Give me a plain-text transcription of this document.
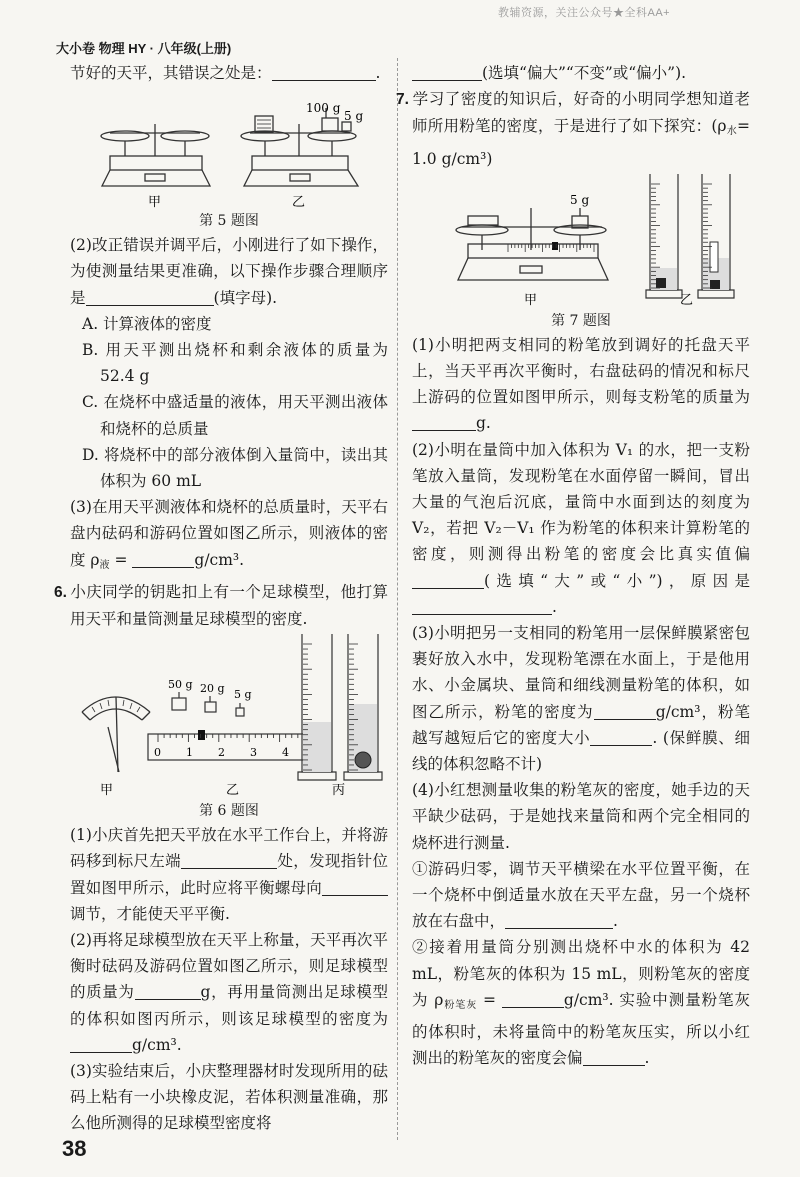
教辅资源，关注公众号★全科AA+
大小卷 物理 HY · 八年级(上册)
38

节好的天平，其错误之处是：	.

100 g
5 g
甲	乙
第 5 题图

(2)改正错误并调平后，小刚进行了如下操作，为使测量结果更准确，以下操作步骤合理顺序是	(填字母).

A. 计算液体的密度

B. 用天平测出烧杯和剩余液体的质量为 52.4 g

C. 在烧杯中盛适量的液体，用天平测出液体和烧杯的总质量

D. 将烧杯中的部分液体倒入量筒中，读出其体积为 60 mL

(3)在用天平测液体和烧杯的总质量时，天平右盘内砝码和游码位置如图乙所示，则液体的密度 $\rho_液$ =	g/cm³.

6. 小庆同学的钥匙扣上有一个足球模型，他打算用天平和量筒测量足球模型的密度.

50 g 20 g 5 g
0 1 2 3 4
甲	乙	丙
第 6 题图

(1)小庆首先把天平放在水平工作台上，并将游码移到标尺左端	处，发现指针位置如图甲所示，此时应将平衡螺母向调节，才能使天平平衡.

(2)再将足球模型放在天平上称量，天平再次平衡时砝码及游码位置如图乙所示，则足球模型的质量为	g，再用量筒测出足球模型的体积如图丙所示，则该足球模型的密度为g/cm³.

(3)实验结束后，小庆整理器材时发现所用的砝码上粘有一小块橡皮泥，若体积测量准确，那么他所测得的足球模型密度将

(选填“偏大”“不变”或“偏小”).

7. 学习了密度的知识后，好奇的小明同学想知道老师所用粉笔的密度，于是进行了如下探究：($\rho_水= 1.0$ g/cm³)

5 g
甲	乙
第 7 题图

(1)小明把两支相同的粉笔放到调好的托盘天平上，当天平再次平衡时，右盘砝码的情况和标尺上游码的位置如图甲所示，则每支粉笔的质量为g.

(2)小明在量筒中加入体积为 V₁ 的水，把一支粉笔放入量筒，发现粉笔在水面停留一瞬间，冒出大量的气泡后沉底，量筒中水面到达的刻度为 V₂，若把 V₂－V₁ 作为粉笔的体积来计算粉笔的密度，则测得出粉笔的密度会比真实值偏(选填“大”或“小”)，原因是.

(3)小明把另一支相同的粉笔用一层保鲜膜紧密包裹好放入水中，发现粉笔漂在水面上，于是他用水、小金属块、量筒和细线测量粉笔的体积，如图乙所示，粉笔的密度为	g/cm³，粉笔越写越短后它的密度大小	. (保鲜膜、细线的体积忽略不计)

(4)小红想测量收集的粉笔灰的密度，她手边的天平缺少砝码，于是她找来量筒和两个完全相同的烧杯进行测量.

①游码归零，调节天平横梁在水平位置平衡，在一个烧杯中倒适量水放在天平左盘，另一个烧杯放在右盘中，	.

②接着用量筒分别测出烧杯中水的体积为 42 mL，粉笔灰的体积为 15 mL，则粉笔灰的密度为 $\rho_{粉笔灰}$ =	g/cm³. 实验中测量粉笔灰的体积时，未将量筒中的粉笔灰压实，所以小红测出的粉笔灰的密度会偏	.
